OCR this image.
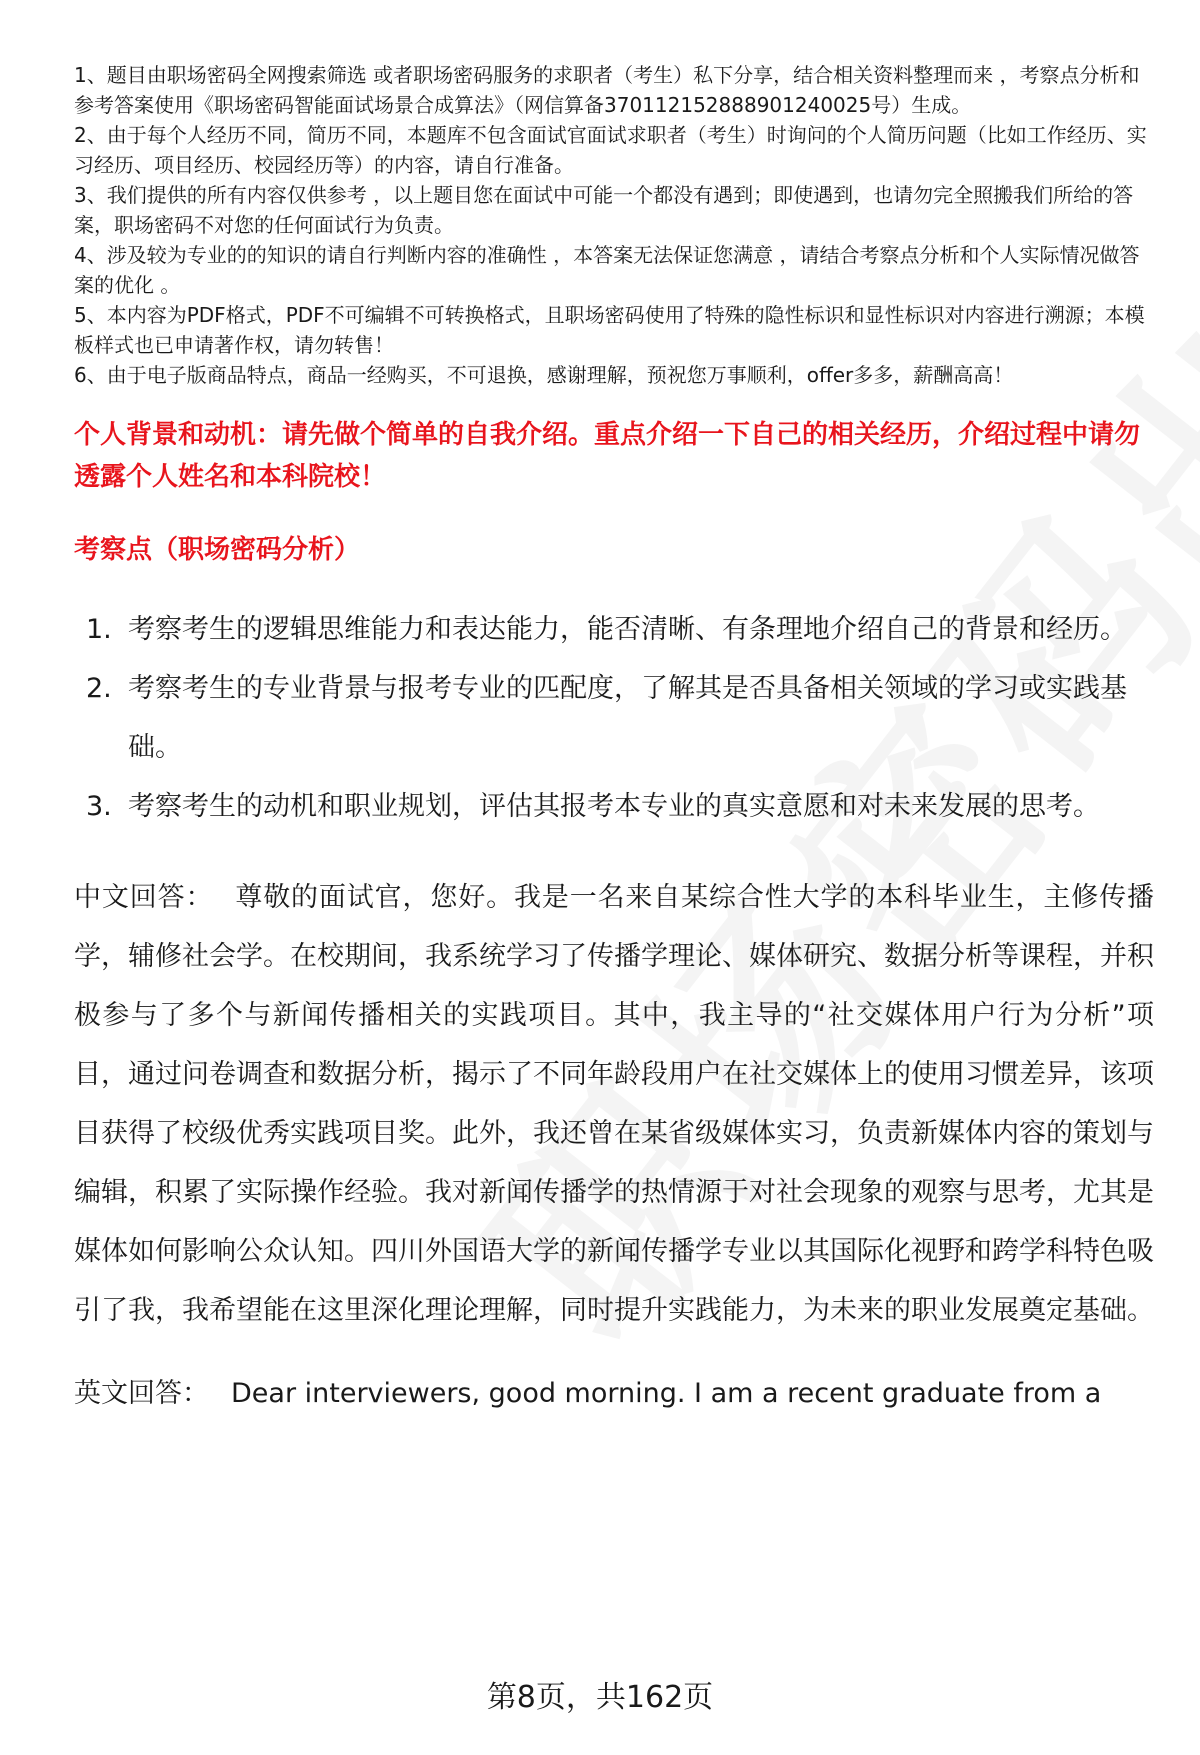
1、题目由职场密码全网搜索筛选 或者职场密码服务的求职者（考生）私下分享，结合相关资料整理而来 ，考察点分析和参考答案使用《职场密码智能面试场景合成算法》（网信算备370112152888901240025号）生成。
2、由于每个人经历不同，简历不同，本题库不包含面试官面试求职者（考生）时询问的个人简历问题（比如工作经历、实习经历、项目经历、校园经历等）的内容，请自行准备。
3、我们提供的所有内容仅供参考 ，以上题目您在面试中可能一个都没有遇到；即使遇到，也请勿完全照搬我们所给的答案，职场密码不对您的任何面试行为负责。
4、涉及较为专业的的知识的请自行判断内容的准确性 ，本答案无法保证您满意 ，请结合考察点分析和个人实际情况做答案的优化 。
5、本内容为PDF格式，PDF不可编辑不可转换格式，且职场密码使用了特殊的隐性标识和显性标识对内容进行溯源；本模板样式也已申请著作权，请勿转售！
6、由于电子版商品特点，商品一经购买，不可退换，感谢理解，预祝您万事顺利，offer多多，薪酬高高！
个人背景和动机：请先做个简单的自我介绍。重点介绍一下自己的相关经历，介绍过程中请勿透露个人姓名和本科院校！
考察点（职场密码分析）
1. 考察考生的逻辑思维能力和表达能力，能否清晰、有条理地介绍自己的背景和经历。
2. 考察考生的专业背景与报考专业的匹配度，了解其是否具备相关领域的学习或实践基础。
3. 考察考生的动机和职业规划，评估其报考本专业的真实意愿和对未来发展的思考。
中文回答： 尊敬的面试官，您好。我是一名来自某综合性大学的本科毕业生，主修传播学，辅修社会学。在校期间，我系统学习了传播学理论、媒体研究、数据分析等课程，并积极参与了多个与新闻传播相关的实践项目。其中，我主导的“社交媒体用户行为分析”项目，通过问卷调查和数据分析，揭示了不同年龄段用户在社交媒体上的使用习惯差异，该项目获得了校级优秀实践项目奖。此外，我还曾在某省级媒体实习，负责新媒体内容的策划与编辑，积累了实际操作经验。我对新闻传播学的热情源于对社会现象的观察与思考，尤其是媒体如何影响公众认知。四川外国语大学的新闻传播学专业以其国际化视野和跨学科特色吸引了我，我希望能在这里深化理论理解，同时提升实践能力，为未来的职业发展奠定基础。
英文回答： Dear interviewers, good morning. I am a recent graduate from a
第8页，共162页
